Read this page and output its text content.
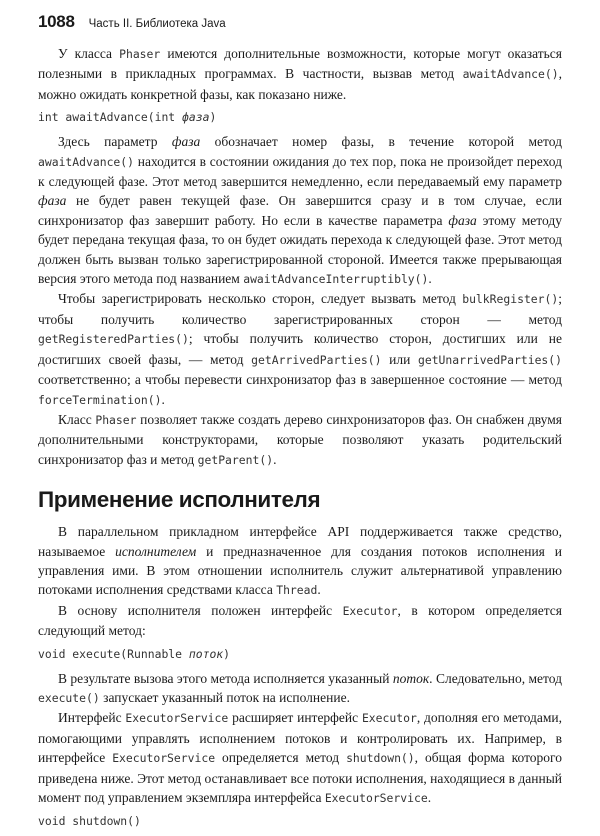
1088 Часть II. Библиотека Java

У класса Phaser имеются дополнительные возможности, которые могут оказаться полезными в прикладных программах. В частности, вызвав метод awaitAdvance(), можно ожидать конкретной фазы, как показано ниже.

int awaitAdvance(int фаза)

Здесь параметр фаза обозначает номер фазы, в течение которой метод awaitAdvance() находится в состоянии ожидания до тех пор, пока не произойдет переход к следующей фазе. Этот метод завершится немедленно, если передаваемый ему параметр фаза не будет равен текущей фазе. Он завершится сразу и в том случае, если синхронизатор фаз завершит работу. Но если в качестве параметра фаза этому методу будет передана текущая фаза, то он будет ожидать перехода к следующей фазе. Этот метод должен быть вызван только зарегистрированной стороной. Имеется также прерывающая версия этого метода под названием awaitAdvanceInterruptibly().

Чтобы зарегистрировать несколько сторон, следует вызвать метод bulkRegister(); чтобы получить количество зарегистрированных сторон — метод getRegisteredParties(); чтобы получить количество сторон, достигших или не достигших своей фазы, — метод getArrivedParties() или getUnarrivedParties() соответственно; а чтобы перевести синхронизатор фаз в завершенное состояние — метод forceTermination().

Класс Phaser позволяет также создать дерево синхронизаторов фаз. Он снабжен двумя дополнительными конструкторами, которые позволяют указать родительский синхронизатор фаз и метод getParent().

Применение исполнителя

В параллельном прикладном интерфейсе API поддерживается также средство, называемое исполнителем и предназначенное для создания потоков исполнения и управления ими. В этом отношении исполнитель служит альтернативой управлению потоками исполнения средствами класса Thread.

В основу исполнителя положен интерфейс Executor, в котором определяется следующий метод:

void execute(Runnable поток)

В результате вызова этого метода исполняется указанный поток. Следовательно, метод execute() запускает указанный поток на исполнение.

Интерфейс ExecutorService расширяет интерфейс Executor, дополняя его методами, помогающими управлять исполнением потоков и контролировать их. Например, в интерфейсе ExecutorService определяется метод shutdown(), общая форма которого приведена ниже. Этот метод останавливает все потоки исполнения, находящиеся в данный момент под управлением экземпляра интерфейса ExecutorService.

void shutdown()
